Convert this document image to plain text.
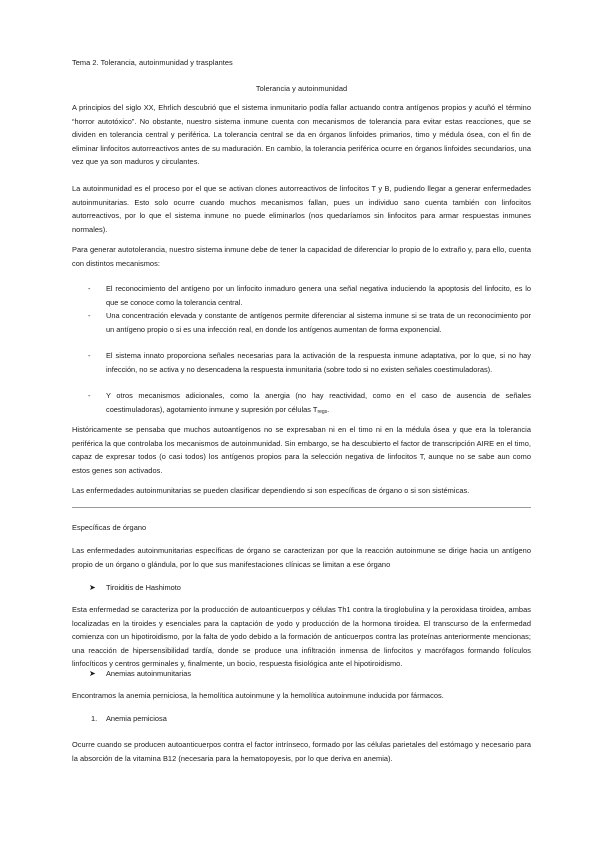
Tema 2. Tolerancia, autoinmunidad y trasplantes
Tolerancia y autoinmunidad
A principios del siglo XX, Ehrlich descubrió que el sistema inmunitario podía fallar actuando contra antígenos propios y acuñó el término “horror autotóxico”. No obstante, nuestro sistema inmune cuenta con mecanismos de tolerancia para evitar estas reacciones, que se dividen en tolerancia central y periférica. La tolerancia central se da en órganos linfoides primarios, timo y médula ósea, con el fin de eliminar linfocitos autorreactivos antes de su maduración. En cambio, la tolerancia periférica ocurre en órganos linfoides secundarios, una vez que ya son maduros y circulantes.
La autoinmunidad es el proceso por el que se activan clones autorreactivos de linfocitos T y B, pudiendo llegar a generar enfermedades autoinmunitarias. Esto solo ocurre cuando muchos mecanismos fallan, pues un individuo sano cuenta también con linfocitos autorreactivos, por lo que el sistema inmune no puede eliminarlos (nos quedaríamos sin linfocitos para armar respuestas inmunes normales).
Para generar autotolerancia, nuestro sistema inmune debe de tener la capacidad de diferenciar lo propio de lo extraño y, para ello, cuenta con distintos mecanismos:
- El reconocimiento del antígeno por un linfocito inmaduro genera una señal negativa induciendo la apoptosis del linfocito, es lo que se conoce como la tolerancia central.
- Una concentración elevada y constante de antígenos permite diferenciar al sistema inmune si se trata de un reconocimiento por un antígeno propio o si es una infección real, en donde los antígenos aumentan de forma exponencial.
- El sistema innato proporciona señales necesarias para la activación de la respuesta inmune adaptativa, por lo que, si no hay infección, no se activa y no desencadena la respuesta inmunitaria (sobre todo si no existen señales coestimuladoras).
- Y otros mecanismos adicionales, como la anergia (no hay reactividad, como en el caso de ausencia de señales coestimuladoras), agotamiento inmune y supresión por células $T_{regs}$.
Históricamente se pensaba que muchos autoantígenos no se expresaban ni en el timo ni en la médula ósea y que era la tolerancia periférica la que controlaba los mecanismos de autoinmunidad. Sin embargo, se ha descubierto el factor de transcripción AIRE en el timo, capaz de expresar todos (o casi todos) los antígenos propios para la selección negativa de linfocitos T, aunque no se sabe aun como estos genes son activados.
Las enfermedades autoinmunitarias se pueden clasificar dependiendo si son específicas de órgano o si son sistémicas.
Específicas de órgano
Las enfermedades autoinmunitarias específicas de órgano se caracterizan por que la reacción autoinmune se dirige hacia un antígeno propio de un órgano o glándula, por lo que sus manifestaciones clínicas se limitan a ese órgano
➤ Tiroiditis de Hashimoto
Esta enfermedad se caracteriza por la producción de autoanticuerpos y células Th1 contra la tiroglobulina y la peroxidasa tiroidea, ambas localizadas en la tiroides y esenciales para la captación de yodo y producción de la hormona tiroidea. El transcurso de la enfermedad comienza con un hipotiroidismo, por la falta de yodo debido a la formación de anticuerpos contra las proteínas anteriormente mencionas; una reacción de hipersensibilidad tardía, donde se produce una infiltración inmensa de linfocitos y macrófagos formando folículos linfocíticos y centros germinales y, finalmente, un bocio, respuesta fisiológica ante el hipotiroidismo.
➤ Anemias autoinmunitarias
Encontramos la anemia perniciosa, la hemolítica autoinmune y la hemolítica autoinmune inducida por fármacos.
1. Anemia perniciosa
Ocurre cuando se producen autoanticuerpos contra el factor intrínseco, formado por las células parietales del estómago y necesario para la absorción de la vitamina B12 (necesaria para la hematopoyesis, por lo que deriva en anemia).
